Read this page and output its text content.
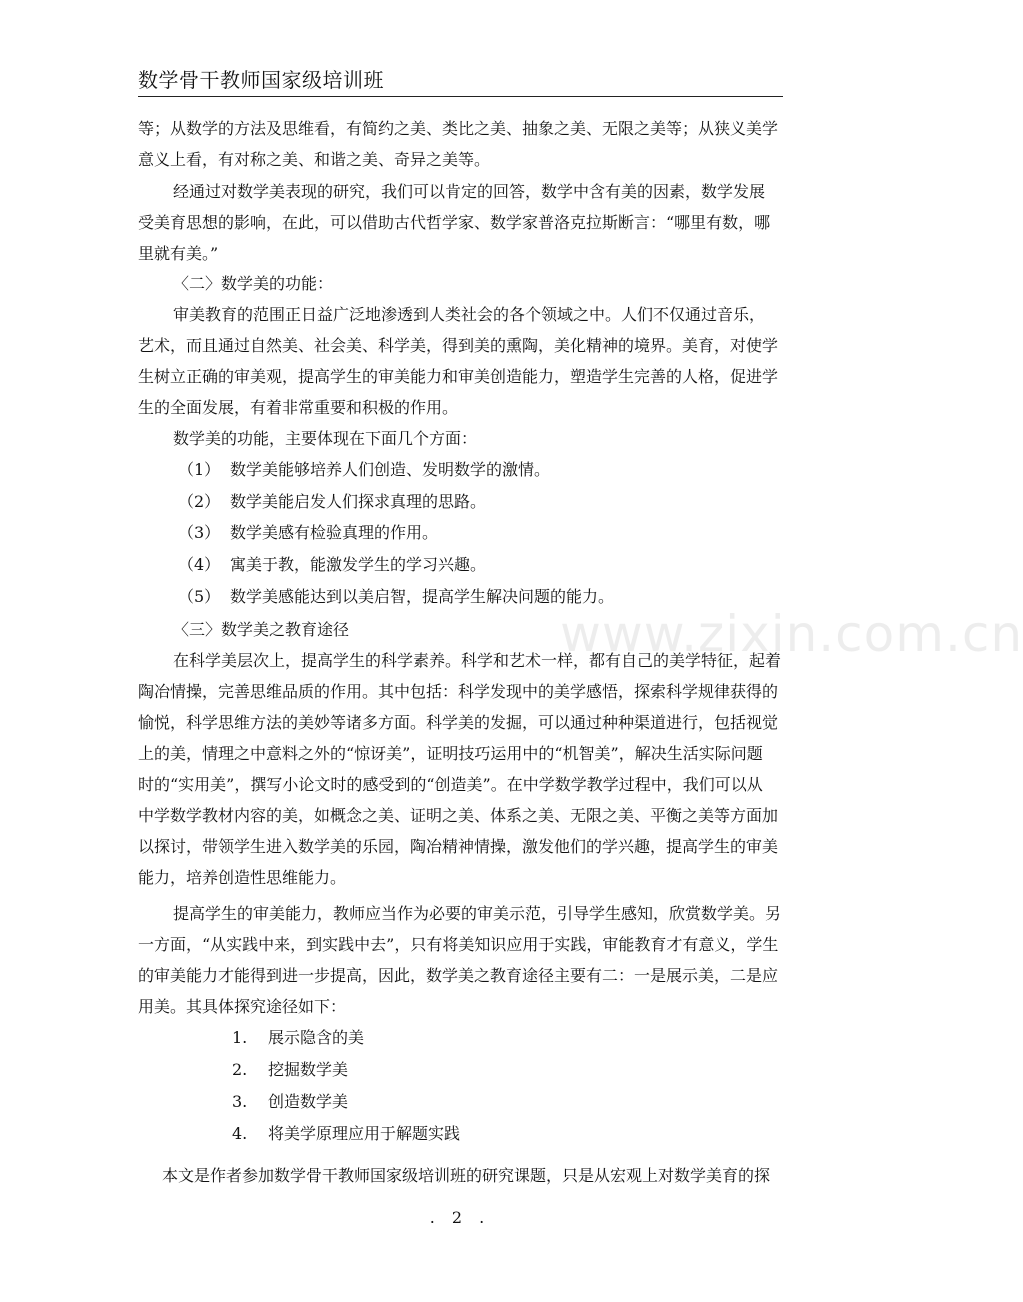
数学骨干教师国家级培训班
www.zixin.com.cn
等；从数学的方法及思维看，有简约之美、类比之美、抽象之美、无限之美等；从狭义美学
意义上看，有对称之美、和谐之美、奇异之美等。
经通过对数学美表现的研究，我们可以肯定的回答，数学中含有美的因素，数学发展
受美育思想的影响，在此，可以借助古代哲学家、数学家普洛克拉斯断言：“哪里有数，哪
里就有美。”
〈二〉数学美的功能：
审美教育的范围正日益广泛地渗透到人类社会的各个领域之中。人们不仅通过音乐，
艺术，而且通过自然美、社会美、科学美，得到美的熏陶，美化精神的境界。美育，对使学
生树立正确的审美观，提高学生的审美能力和审美创造能力，塑造学生完善的人格，促进学
生的全面发展，有着非常重要和积极的作用。
数学美的功能，主要体现在下面几个方面：
（1） 数学美能够培养人们创造、发明数学的激情。
（2） 数学美能启发人们探求真理的思路。
（3） 数学美感有检验真理的作用。
（4） 寓美于教，能激发学生的学习兴趣。
（5） 数学美感能达到以美启智，提高学生解决问题的能力。
〈三〉数学美之教育途径
在科学美层次上，提高学生的科学素养。科学和艺术一样，都有自己的美学特征，起着
陶冶情操，完善思维品质的作用。其中包括：科学发现中的美学感悟，探索科学规律获得的
愉悦，科学思维方法的美妙等诸多方面。科学美的发掘，可以通过种种渠道进行，包括视觉
上的美，情理之中意料之外的“惊讶美”，证明技巧运用中的“机智美”，解决生活实际问题
时的“实用美”，撰写小论文时的感受到的“创造美”。在中学数学教学过程中，我们可以从
中学数学教材内容的美，如概念之美、证明之美、体系之美、无限之美、平衡之美等方面加
以探讨，带领学生进入数学美的乐园，陶冶精神情操，激发他们的学兴趣，提高学生的审美
能力，培养创造性思维能力。
提高学生的审美能力，教师应当作为必要的审美示范，引导学生感知，欣赏数学美。另
一方面，“从实践中来，到实践中去”，只有将美知识应用于实践，审能教育才有意义，学生
的审美能力才能得到进一步提高，因此，数学美之教育途径主要有二：一是展示美，二是应
用美。其具体探究途径如下：
1. 展示隐含的美
2. 挖掘数学美
3. 创造数学美
4. 将美学原理应用于解题实践
本文是作者参加数学骨干教师国家级培训班的研究课题，只是从宏观上对数学美育的探
. 2 .
